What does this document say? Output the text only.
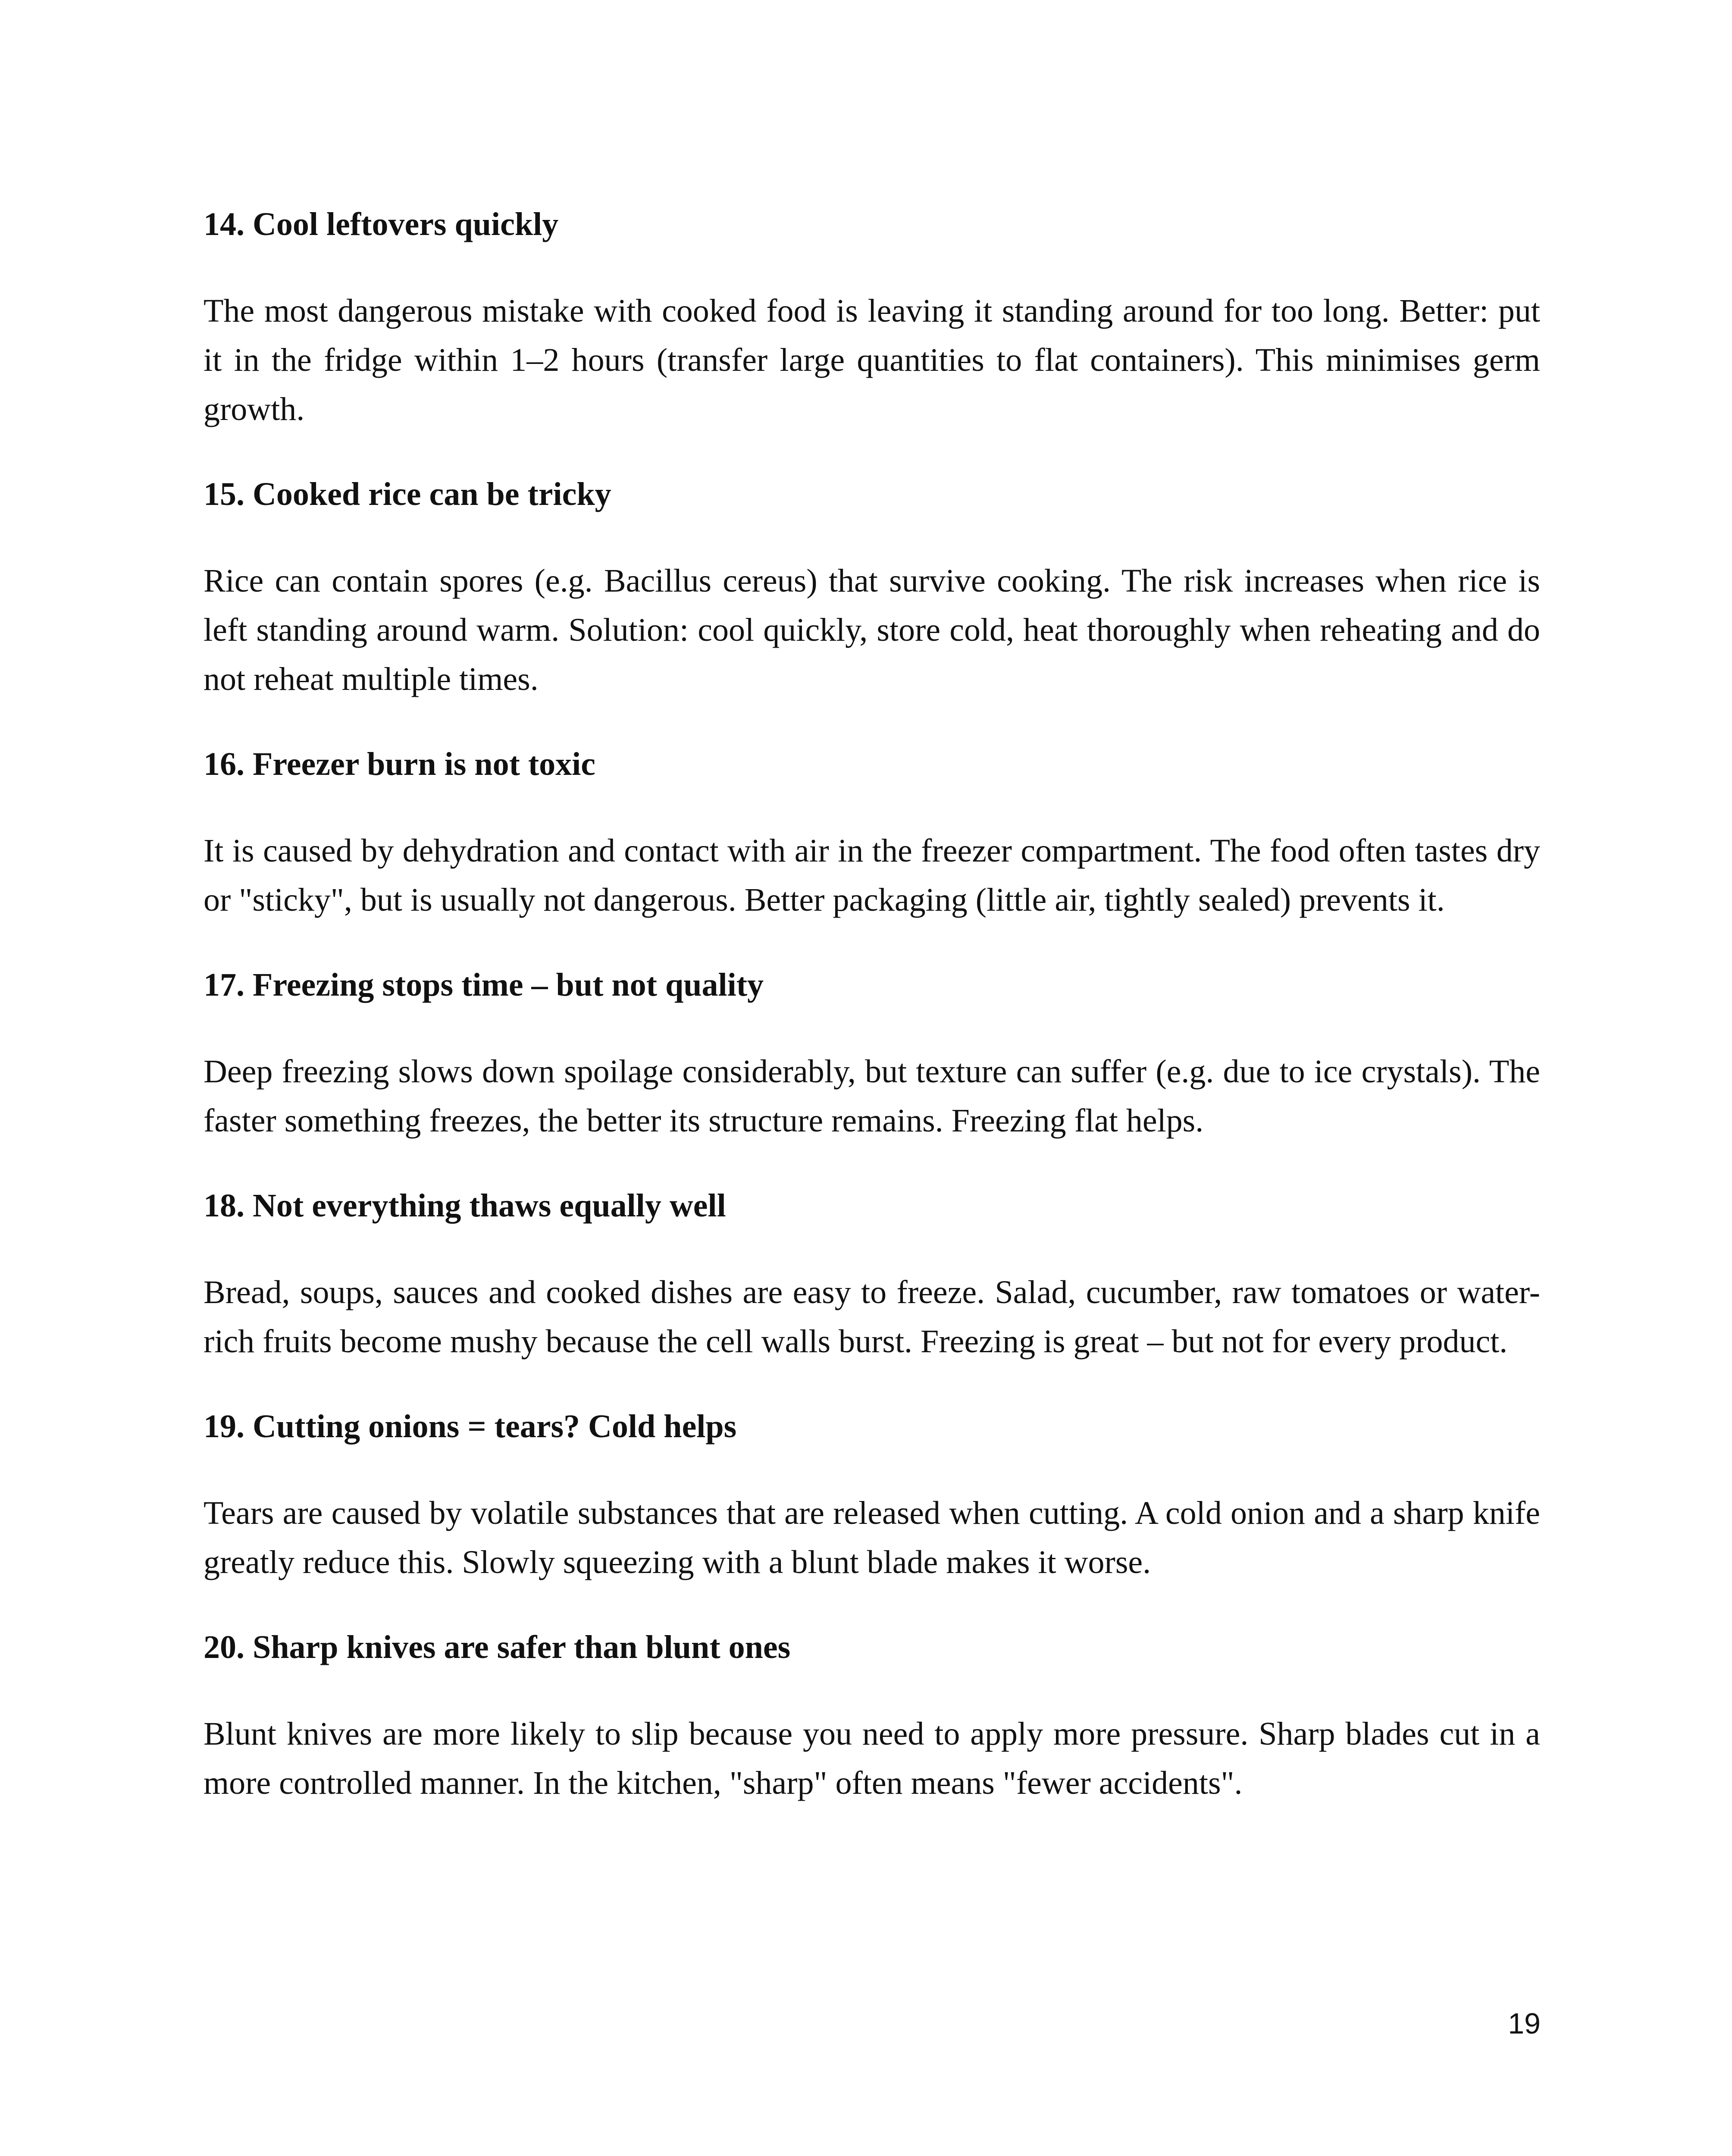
14. Cool leftovers quickly
The most dangerous mistake with cooked food is leaving it standing around for too long. Better: put it in the fridge within 1–2 hours (transfer large quantities to flat containers). This minimises germ growth.
15. Cooked rice can be tricky
Rice can contain spores (e.g. Bacillus cereus) that survive cooking. The risk increases when rice is left standing around warm. Solution: cool quickly, store cold, heat thoroughly when reheating and do not reheat multiple times.
16. Freezer burn is not toxic
It is caused by dehydration and contact with air in the freezer compartment. The food often tastes dry or "sticky", but is usually not dangerous. Better packaging (little air, tightly sealed) prevents it.
17. Freezing stops time – but not quality
Deep freezing slows down spoilage considerably, but texture can suffer (e.g. due to ice crystals). The faster something freezes, the better its structure remains. Freezing flat helps.
18. Not everything thaws equally well
Bread, soups, sauces and cooked dishes are easy to freeze. Salad, cucumber, raw tomatoes or water-rich fruits become mushy because the cell walls burst. Freezing is great – but not for every product.
19. Cutting onions = tears? Cold helps
Tears are caused by volatile substances that are released when cutting. A cold onion and a sharp knife greatly reduce this. Slowly squeezing with a blunt blade makes it worse.
20. Sharp knives are safer than blunt ones
Blunt knives are more likely to slip because you need to apply more pressure. Sharp blades cut in a more controlled manner. In the kitchen, "sharp" often means "fewer accidents".
19
